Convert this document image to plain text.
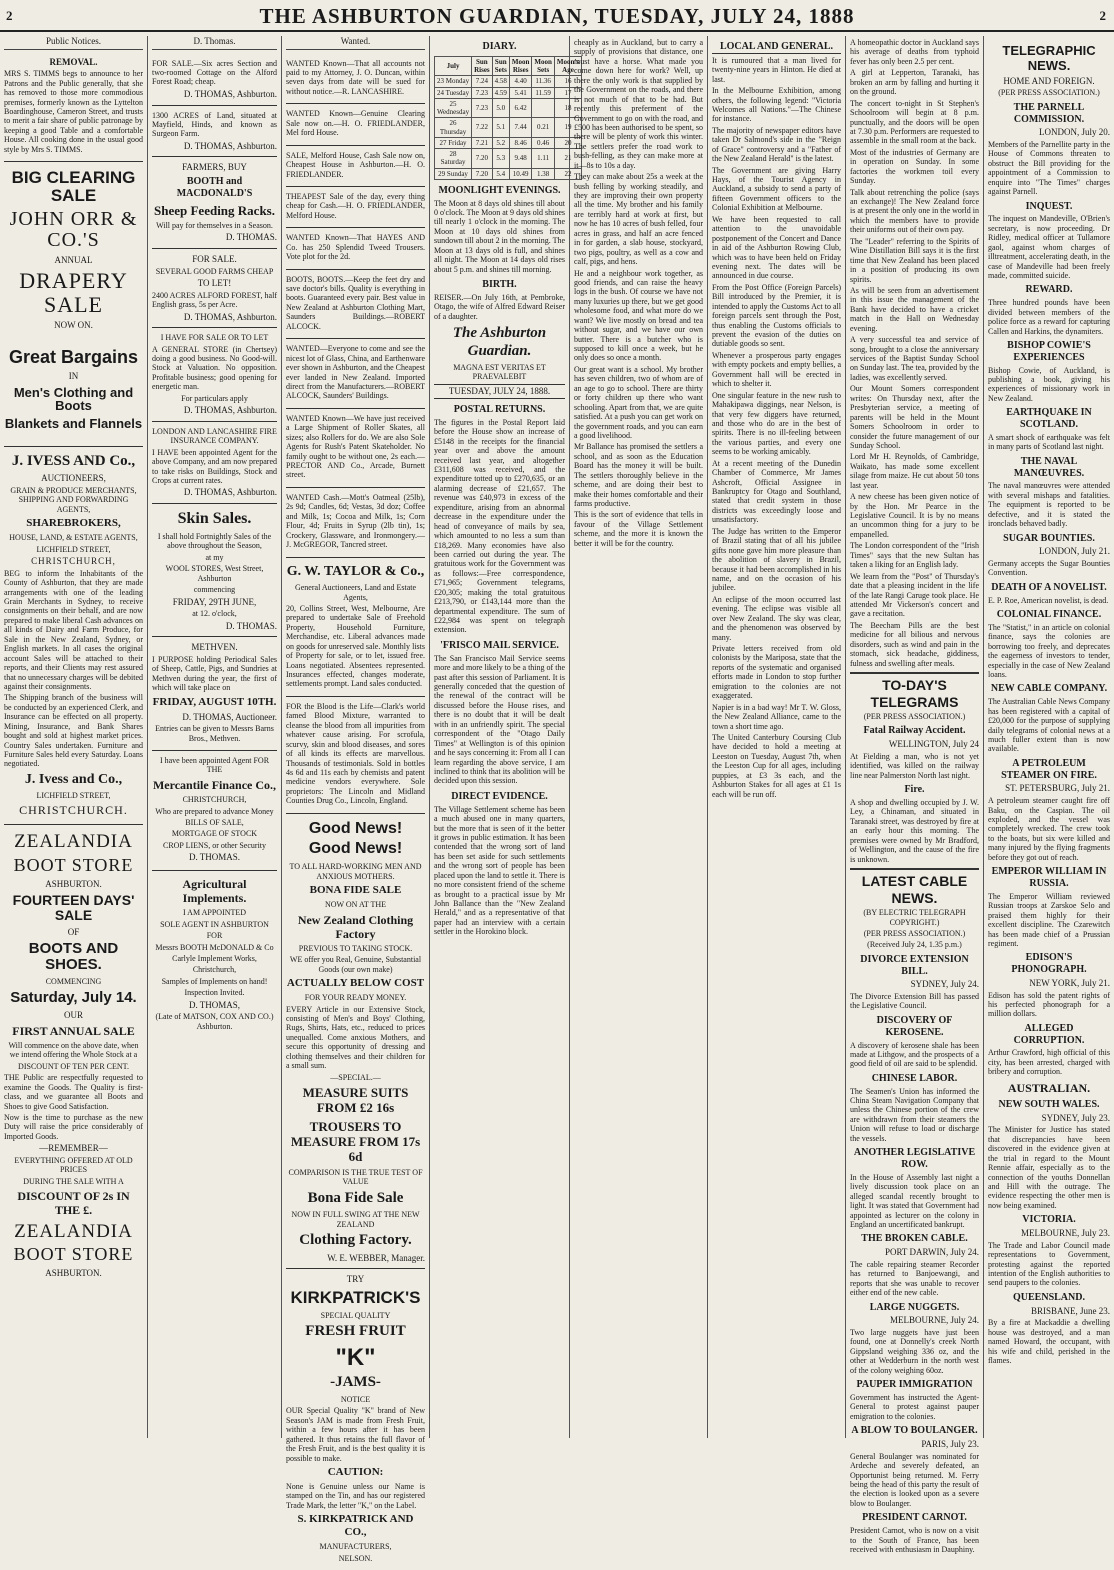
2	THE ASHBURTON GUARDIAN, TUESDAY, JULY 24, 1888	2
Public Notices.
REMOVAL.
MRS S. TIMMS begs to announce to her Patrons and the Public generally, that she has removed to those more commodious premises, formerly known as the Lyttelton Boardinghouse, Cameron Street, and trusts to merit a fair share of public patronage by keeping a good Table and a comfortable House. All cooking done in the usual good style by Mrs S. TIMMS.
BIG CLEARING SALE
JOHN ORR & CO.'S
ANNUAL
DRAPERY SALE
NOW ON.
Great Bargains
IN
Men's Clothing and Boots
Blankets and Flannels
J. IVESS AND Co.,
AUCTIONEERS,
GRAIN & PRODUCE MERCHANTS, SHIPPING AND FORWARDING AGENTS,
SHAREBROKERS,
HOUSE, LAND, & ESTATE AGENTS,
LICHFIELD STREET,
CHRISTCHURCH,
BEG to inform the Inhabitants of the County of Ashburton, that they are made arrangements with one of the leading Grain Merchants in Sydney, to receive consignments on their behalf, and are now prepared to make liberal Cash advances on all kinds of Dairy and Farm Produce, for Sale in the New Zealand, Sydney, or English markets. In all cases the original account Sales will be attached to their reports, and their Clients may rest assured that no unnecessary charges will be debited against their consignments.
The Shipping branch of the business will be conducted by an experienced Clerk, and Insurance can be effected on all property. Mining, Insurance, and Bank Shares bought and sold at highest market prices. Country Sales undertaken. Furniture and Furniture Sales held every Saturday. Loans negotiated.
J. Ivess and Co.,
LICHFIELD STREET,
CHRISTCHURCH.
ZEALANDIA
BOOT STORE
ASHBURTON.
FOURTEEN DAYS' SALE
OF
BOOTS AND SHOES.
COMMENCING
Saturday, July 14.
OUR
FIRST ANNUAL SALE
Will commence on the above date, when we intend offering the Whole Stock at a
DISCOUNT OF TEN PER CENT.
THE Public are respectfully requested to examine the Goods. The Quality is first-class, and we guarantee all Boots and Shoes to give Good Satisfaction.
Now is the time to purchase as the new Duty will raise the price considerably of Imported Goods.
—REMEMBER—
EVERYTHING OFFERED AT OLD PRICES
DURING THE SALE WITH A
DISCOUNT OF 2s IN THE £.
ZEALANDIA
BOOT STORE
ASHBURTON.
D. Thomas.
FOR SALE.—Six acres Section and two-roomed Cottage on the Alford Forest Road; cheap.
D. THOMAS, Ashburton.
1300 ACRES of Land, situated at Mayfield, Hinds, and known as Surgeon Farm.
D. THOMAS, Ashburton.
FARMERS, BUY
BOOTH and MACDONALD'S
Sheep Feeding Racks.
Will pay for themselves in a Season.
D. THOMAS.
FOR SALE.
SEVERAL GOOD FARMS CHEAP
TO LET!
2400 ACRES ALFORD FOREST, half English grass, 5s per Acre.
D. THOMAS, Ashburton.
I HAVE FOR SALE OR TO LET
A GENERAL STORE (in Chertsey) doing a good business. No Good-will. Stock at Valuation. No opposition. Profitable business; good opening for energetic man.
For particulars apply
D. THOMAS, Ashburton.
LONDON AND LANCASHIRE FIRE INSURANCE COMPANY.
I HAVE been appointed Agent for the above Company, and am now prepared to take risks on Buildings, Stock and Crops at current rates.
D. THOMAS, Ashburton.
Skin Sales.
I shall hold Fortnightly Sales of the above throughout the Season,
at my
WOOL STORES, West Street, Ashburton
commencing
FRIDAY, 29TH JUNE,
at 12. o'clock,
D. THOMAS.
METHVEN.
I PURPOSE holding Periodical Sales of Sheep, Cattle, Pigs, and Sundries at Methven during the year, the first of which will take place on
FRIDAY, AUGUST 10TH.
D. THOMAS, Auctioneer.
Entries can be given to Messrs Barns Bros., Methven.
I have been appointed Agent FOR THE
Mercantile Finance Co.,
CHRISTCHURCH,
Who are prepared to advance Money
BILLS OF SALE,
MORTGAGE OF STOCK
CROP LIENS, or other Security
D. THOMAS.
Agricultural Implements.
I AM APPOINTED
SOLE AGENT IN ASHBURTON
FOR
Messrs BOOTH McDONALD & Co
Carlyle Implement Works,
Christchurch,
Samples of Implements on hand!
Inspection Invited.
D. THOMAS,
(Late of MATSON, COX AND CO.) Ashburton.
Wanted.
WANTED Known—That all accounts not paid to my Attorney, J. O. Duncan, within seven days from date will be sued for without notice.—R. LANCASHIRE.
WANTED Known—Genuine Clearing Sale now on.—H. O. FRIEDLANDER, Mel ford House.
SALE, Melford House, Cash Sale now on, Cheapest House in Ashburton.—H. O. FRIEDLANDER.
THEAPEST Sale of the day, every thing cheap for Cash.—H. O. FRIEDLANDER, Melford House.
WANTED Known—That HAYES AND Co. has 250 Splendid Tweed Trousers. Vote plot for the 2d.
BOOTS, BOOTS.—Keep the feet dry and save doctor's bills. Quality is everything in boots. Guaranteed every pair. Best value in New Zealand at Ashburton Clothing Mart, Saunders Buildings.—ROBERT ALCOCK.
WANTED—Everyone to come and see the nicest lot of Glass, China, and Earthenware ever shown in Ashburton, and the Cheapest ever landed in New Zealand. Imported direct from the Manufacturers.—ROBERT ALCOCK, Saunders' Buildings.
WANTED Known—We have just received a Large Shipment of Roller Skates, all sizes; also Rollers for do. We are also Sole Agents for Rush's Patent Skateholder. No family ought to be without one, 2s each.—PRECTOR AND Co., Arcade, Burnett street.
WANTED Cash.—Mott's Oatmeal (25lb), 2s 9d; Candles, 6d; Vestas, 3d doz; Coffee and Milk, 1s; Cocoa and Milk, 1s; Corn Flour, 4d; Fruits in Syrup (2lb tin), 1s; Crockery, Glassware, and Ironmongery.—J. McGREGOR, Tancred street.
G. W. TAYLOR & Co.,
General Auctioneers, Land and Estate Agents,
20, Collins Street, West, Melbourne, Are prepared to undertake Sale of Freehold Property, Household Furniture, Merchandise, etc. Liberal advances made on goods for unreserved sale. Monthly lists of Property for sale, or to let, issued free. Loans negotiated. Absentees represented. Insurances effected, changes moderate, settlements prompt. Land sales conducted.
FOR the Blood is the Life—Clark's world famed Blood Mixture, warranted to cleanse the blood from all impurities from whatever cause arising. For scrofula, scurvy, skin and blood diseases, and sores of all kinds its effects are marvellous. Thousands of testimonials. Sold in bottles 4s 6d and 11s each by chemists and patent medicine vendors everywhere. Sole proprietors: The Lincoln and Midland Counties Drug Co., Lincoln, England.
Good News!
Good News!
TO ALL HARD-WORKING MEN AND ANXIOUS MOTHERS.
BONA FIDE SALE
NOW ON AT THE
New Zealand Clothing Factory
PREVIOUS TO TAKING STOCK.
WE offer you Real, Genuine, Substantial Goods (our own make)
ACTUALLY BELOW COST
FOR YOUR READY MONEY.
EVERY Article in our Extensive Stock, consisting of Men's and Boys' Clothing, Rugs, Shirts, Hats, etc., reduced to prices unequalled. Come anxious Mothers, and secure this opportunity of dressing and clothing themselves and their children for a small sum.
—SPECIAL.—
MEASURE SUITS FROM £2 16s
TROUSERS TO MEASURE FROM 17s 6d
COMPARISON IS THE TRUE TEST OF VALUE
Bona Fide Sale
NOW IN FULL SWING AT THE NEW ZEALAND
Clothing Factory.
W. E. WEBBER, Manager.
TRY
KIRKPATRICK'S
SPECIAL QUALITY
FRESH FRUIT
"K"
-JAMS-
NOTICE
OUR Special Quality "K" brand of New Season's JAM is made from Fresh Fruit, within a few hours after it has been gathered. It thus retains the full flavor of the Fresh Fruit, and is the best quality it is possible to make.
CAUTION:
None is Genuine unless our Name is stamped on the Tin, and has our registered Trade Mark, the letter "K," on the Label.
S. KIRKPATRICK AND CO.,
MANUFACTURERS,
NELSON.
DIARY.
July	Sun Rises	Sun Sets	Moon Rises	Moon Sets	Moon's Age
23 Monday	7.24	4.58	4.40	11.36	16
24 Tuesday	7.23	4.59	5.41	11.59	17
25 Wednesday	7.23	5.0	6.42		18
26 Thursday	7.22	5.1	7.44	0.21	19
27 Friday	7.21	5.2	8.46	0.46	20
28 Saturday	7.20	5.3	9.48	1.11	21
29 Sunday	7.20	5.4	10.49	1.38	22
MOONLIGHT EVENINGS.
The Moon at 8 days old shines till about 0 o'clock. The Moon at 9 days old shines till nearly 1 o'clock in the morning. The Moon at 10 days old shines from sundown till about 2 in the morning. The Moon at 13 days old is full, and shines all night. The Moon at 14 days old rises about 5 p.m. and shines till morning.
BIRTH.
REISER.—On July 16th, at Pembroke, Otago, the wife of Alfred Edward Reiser of a daughter.
The Ashburton Guardian.
MAGNA EST VERITAS ET PRAEVALEBIT
TUESDAY, JULY 24, 1888.
POSTAL RETURNS.
The figures in the Postal Report laid before the House show an increase of £5148 in the receipts for the financial year over and above the amount received last year, and altogether £311,608 was received, and the expenditure totted up to £270,635, or an alarming decrease of £21,657. The revenue was £40,973 in excess of the expenditure, arising from an abnormal decrease in the expenditure under the head of conveyance of mails by sea, which amounted to no less a sum than £18,269. Many economies have also been carried out during the year. The gratuitous work for the Government was as follows:—Free correspondence, £71,965; Government telegrams, £20,305; making the total gratuitous £213,790, or £143,144 more than the departmental expenditure. The sum of £22,984 was spent on telegraph extension.
'FRISCO MAIL SERVICE.
The San Francisco Mail Service seems more and more likely to be a thing of the past after this session of Parliament. It is generally conceded that the question of the renewal of the contract will be discussed before the House rises, and there is no doubt that it will be dealt with in an unfriendly spirit. The special correspondent of the "Otago Daily Times" at Wellington is of this opinion and he says concerning it: From all I can learn regarding the above service, I am inclined to think that its abolition will be decided upon this session.
DIRECT EVIDENCE.
The Village Settlement scheme has been a much abused one in many quarters, but the more that is seen of it the better it grows in public estimation. It has been contended that the wrong sort of land has been set aside for such settlements and the wrong sort of people has been placed upon the land to settle it. There is no more consistent friend of the scheme as brought to a practical issue by Mr John Ballance than the "New Zealand Herald," and as a representative of that paper had an interview with a certain settler in the Horokino block.
cheaply as in Auckland, but to carry a supply of provisions that distance, one must have a horse. What made you come down here for work? Well, up there the only work is that supplied by the Government on the roads, and there is not much of that to be had. But recently this preferment of the Government to go on with the road, and £500 has been authorised to be spent, so there will be plenty of work this winter. The settlers prefer the road work to bush-felling, as they can make more at it—8s to 10s a day.
They can make about 25s a week at the bush felling by working steadily, and they are improving their own property all the time. My brother and his family are terribly hard at work at first, but now he has 10 acres of bush felled, four acres in grass, and half an acre fenced in for garden, a slab house, stockyard, two pigs, poultry, as well as a cow and calf, pigs, and hens.
He and a neighbour work together, as good friends, and can raise the heavy logs in the bush. Of course we have not many luxuries up there, but we get good wholesome food, and what more do we want? We live mostly on bread and tea without sugar, and we have our own butter. There is a butcher who is supposed to kill once a week, but he only does so once a month.
Our great want is a school. My brother has seven children, two of whom are of an age to go to school. There are thirty or forty children up there who want schooling. Apart from that, we are quite satisfied. At a push you can get work on the government roads, and you can earn a good livelihood.
Mr Ballance has promised the settlers a school, and as soon as the Education Board has the money it will be built. The settlers thoroughly believe in the scheme, and are doing their best to make their homes comfortable and their farms productive.
This is the sort of evidence that tells in favour of the Village Settlement scheme, and the more it is known the better it will be for the country.
LOCAL AND GENERAL.
It is rumoured that a man lived for twenty-nine years in Hinton. He died at last.
In the Melbourne Exhibition, among others, the following legend: "Victoria Welcomes all Nations."—The Chinese for instance.
The majority of newspaper editors have taken Dr Salmond's side in the "Reign of Grace" controversy and a "Father of the New Zealand Herald" is the latest.
The Government are giving Harry Hays, of the Tourist Agency in Auckland, a subsidy to send a party of fifteen Government officers to the Colonial Exhibition at Melbourne.
We have been requested to call attention to the unavoidable postponement of the Concert and Dance in aid of the Ashburton Rowing Club, which was to have been held on Friday evening next. The dates will be announced in due course.
From the Post Office (Foreign Parcels) Bill introduced by the Premier, it is intended to apply the Customs Act to all foreign parcels sent through the Post, thus enabling the Customs officials to prevent the evasion of the duties on dutiable goods so sent.
Whenever a prosperous party engages with empty pockets and empty bellies, a Government hall will be erected in which to shelter it.
One singular feature in the new rush to Mahakipawa diggings, near Nelson, is that very few diggers have returned, and those who do are in the best of spirits. There is no ill-feeling between the various parties, and every one seems to be working amicably.
At a recent meeting of the Dunedin Chamber of Commerce, Mr James Ashcroft, Official Assignee in Bankruptcy for Otago and Southland, stated that credit system in those districts was exceedingly loose and unsatisfactory.
The Judge has written to the Emperor of Brazil stating that of all his jubilee gifts none gave him more pleasure than the abolition of slavery in Brazil, because it had been accomplished in his name, and on the occasion of his jubilee.
An eclipse of the moon occurred last evening. The eclipse was visible all over New Zealand. The sky was clear, and the phenomenon was observed by many.
Private letters received from old colonists by the Mariposa, state that the reports of the systematic and organised efforts made in London to stop further emigration to the colonies are not exaggerated.
Napier is in a bad way! Mr T. W. Gloss, the New Zealand Alliance, came to the town a short time ago.
The United Canterbury Coursing Club have decided to hold a meeting at Leeston on Tuesday, August 7th, when the Leeston Cup for all ages, including puppies, at £3 3s each, and the Ashburton Stakes for all ages at £1 1s each will be run off.
A homeopathic doctor in Auckland says his average of deaths from typhoid fever has only been 2.5 per cent.
A girl at Lepperton, Taranaki, has broken an arm by falling and hurting it on the ground.
The concert to-night in St Stephen's Schoolroom will begin at 8 p.m. punctually, and the doors will be open at 7.30 p.m. Performers are requested to assemble in the small room at the back.
Most of the industries of Germany are in operation on Sunday. In some factories the workmen toil every Sunday.
Talk about retrenching the police (says an exchange)! The New Zealand force is at present the only one in the world in which the members have to provide their uniforms out of their own pay.
The "Leader" referring to the Spirits of Wine Distillation Bill says it is the first time that New Zealand has been placed in a position of producing its own spirits.
As will be seen from an advertisement in this issue the management of the Bank have decided to have a cricket match in the Hall on Wednesday evening.
A very successful tea and service of song, brought to a close the anniversary services of the Baptist Sunday School on Sunday last. The tea, provided by the ladies, was excellently served.
Our Mount Somers correspondent writes: On Thursday next, after the Presbyterian service, a meeting of parents will be held in the Mount Somers Schoolroom in order to consider the future management of our Sunday School.
Lord Mr H. Reynolds, of Cambridge, Waikato, has made some excellent silage from maize. He cut about 50 tons last year.
A new cheese has been given notice of by the Hon. Mr Pearce in the Legislative Council. It is by no means an uncommon thing for a jury to be empanelled.
The London correspondent of the "Irish Times" says that the new Sultan has taken a liking for an English lady.
We learn from the "Post" of Thursday's date that a pleasing incident in the life of the late Rangi Caruge took place. He attended Mr Vickerson's concert and gave a recitation.
The Beecham Pills are the best medicine for all bilious and nervous disorders, such as wind and pain in the stomach, sick headache, giddiness, fulness and swelling after meals.
TO-DAY'S TELEGRAMS
(PER PRESS ASSOCIATION.)
Fatal Railway Accident.
WELLINGTON, July 24
At Fielding a man, who is not yet identified, was killed on the railway line near Palmerston North last night.
Fire.
A shop and dwelling occupied by J. W. Ley, a Chinaman, and situated in Taranaki street, was destroyed by fire at an early hour this morning. The premises were owned by Mr Bradford, of Wellington, and the cause of the fire is unknown.
LATEST CABLE NEWS.
(BY ELECTRIC TELEGRAPH COPYRIGHT.)
(PER PRESS ASSOCIATION.)
(Received July 24, 1.35 p.m.)
DIVORCE EXTENSION BILL.
SYDNEY, July 24.
The Divorce Extension Bill has passed the Legislative Council.
DISCOVERY OF KEROSENE.
A discovery of kerosene shale has been made at Lithgow, and the prospects of a good field of oil are said to be splendid.
CHINESE LABOR.
The Seamen's Union has informed the China Steam Navigation Company that unless the Chinese portion of the crew are withdrawn from their steamers the Union will refuse to load or discharge the vessels.
ANOTHER LEGISLATIVE ROW.
In the House of Assembly last night a lively discussion took place on an alleged scandal recently brought to light. It was stated that Government had appointed as lecturer on the colony in England an uncertificated bankrupt.
THE BROKEN CABLE.
PORT DARWIN, July 24.
The cable repairing steamer Recorder has returned to Banjoewangi, and reports that she was unable to recover either end of the new cable.
LARGE NUGGETS.
MELBOURNE, July 24.
Two large nuggets have just been found, one at Donnelly's creek North Gippsland weighing 336 oz, and the other at Wedderburn in the north west of the colony weighing 60oz.
PAUPER IMMIGRATION
Government has instructed the Agent-General to protest against pauper emigration to the colonies.
A BLOW TO BOULANGER.
PARIS, July 23.
General Boulanger was nominated for Ardeche and severely defeated, an Opportunist being returned. M. Ferry being the head of this party the result of the election is looked upon as a severe blow to Boulanger.
PRESIDENT CARNOT.
President Carnot, who is now on a visit to the South of France, has been received with enthusiasm in Dauphiny.
TELEGRAPHIC NEWS.
HOME AND FOREIGN.
(PER PRESS ASSOCIATION.)
THE PARNELL COMMISSION.
LONDON, July 20.
Members of the Parnellite party in the House of Commons threaten to obstruct the Bill providing for the appointment of a Commission to enquire into "The Times" charges against Parnell.
INQUEST.
The inquest on Mandeville, O'Brien's secretary, is now proceeding. Dr Ridley, medical officer at Tullamore gaol, against whom charges of illtreatment, accelerating death, in the case of Mandeville had been freely made, committed suicide.
REWARD.
Three hundred pounds have been divided between members of the police force as a reward for capturing Callen and Harkins, the dynamiters.
BISHOP COWIE'S EXPERIENCES
Bishop Cowie, of Auckland, is publishing a book, giving his experiences of missionary work in New Zealand.
EARTHQUAKE IN SCOTLAND.
A smart shock of earthquake was felt in many parts of Scotland last night.
THE NAVAL MANŒUVRES.
The naval manœuvres were attended with several mishaps and fatalities. The equipment is reported to be defective, and it is stated the ironclads behaved badly.
SUGAR BOUNTIES.
LONDON, July 21.
Germany accepts the Sugar Bounties Convention.
DEATH OF A NOVELIST.
E. P. Roe, American novelist, is dead.
COLONIAL FINANCE.
The "Statist," in an article on colonial finance, says the colonies are borrowing too freely, and deprecates the eagerness of investors to tender, especially in the case of New Zealand loans.
NEW CABLE COMPANY.
The Australian Cable News Company has been registered with a capital of £20,000 for the purpose of supplying daily telegrams of colonial news at a much fuller extent than is now available.
A PETROLEUM STEAMER ON FIRE.
ST. PETERSBURG, July 21.
A petroleum steamer caught fire off Baku, on the Caspian. The oil exploded, and the vessel was completely wrecked. The crew took to the boats, but six were killed and many injured by the flying fragments before they got out of reach.
EMPEROR WILLIAM IN RUSSIA.
The Emperor William reviewed Russian troops at Zarskoe Selo and praised them highly for their excellent discipline. The Czarewitch has been made chief of a Prussian regiment.
EDISON'S PHONOGRAPH.
NEW YORK, July 21.
Edison has sold the patent rights of his perfected phonograph for a million dollars.
ALLEGED CORRUPTION.
Arthur Crawford, high official of this city, has been arrested, charged with bribery and corruption.
AUSTRALIAN.
NEW SOUTH WALES.
SYDNEY, July 23.
The Minister for Justice has stated that discrepancies have been discovered in the evidence given at the trial in regard to the Mount Rennie affair, especially as to the connection of the youths Donnellan and Hill with the outrage. The evidence respecting the other men is now being examined.
VICTORIA.
MELBOURNE, July 23.
The Trade and Labor Council made representations to Government, protesting against the reported intention of the English authorities to send paupers to the colonies.
QUEENSLAND.
BRISBANE, June 23.
By a fire at Mackaddie a dwelling house was destroyed, and a man named Howard, the occupant, with his wife and child, perished in the flames.
